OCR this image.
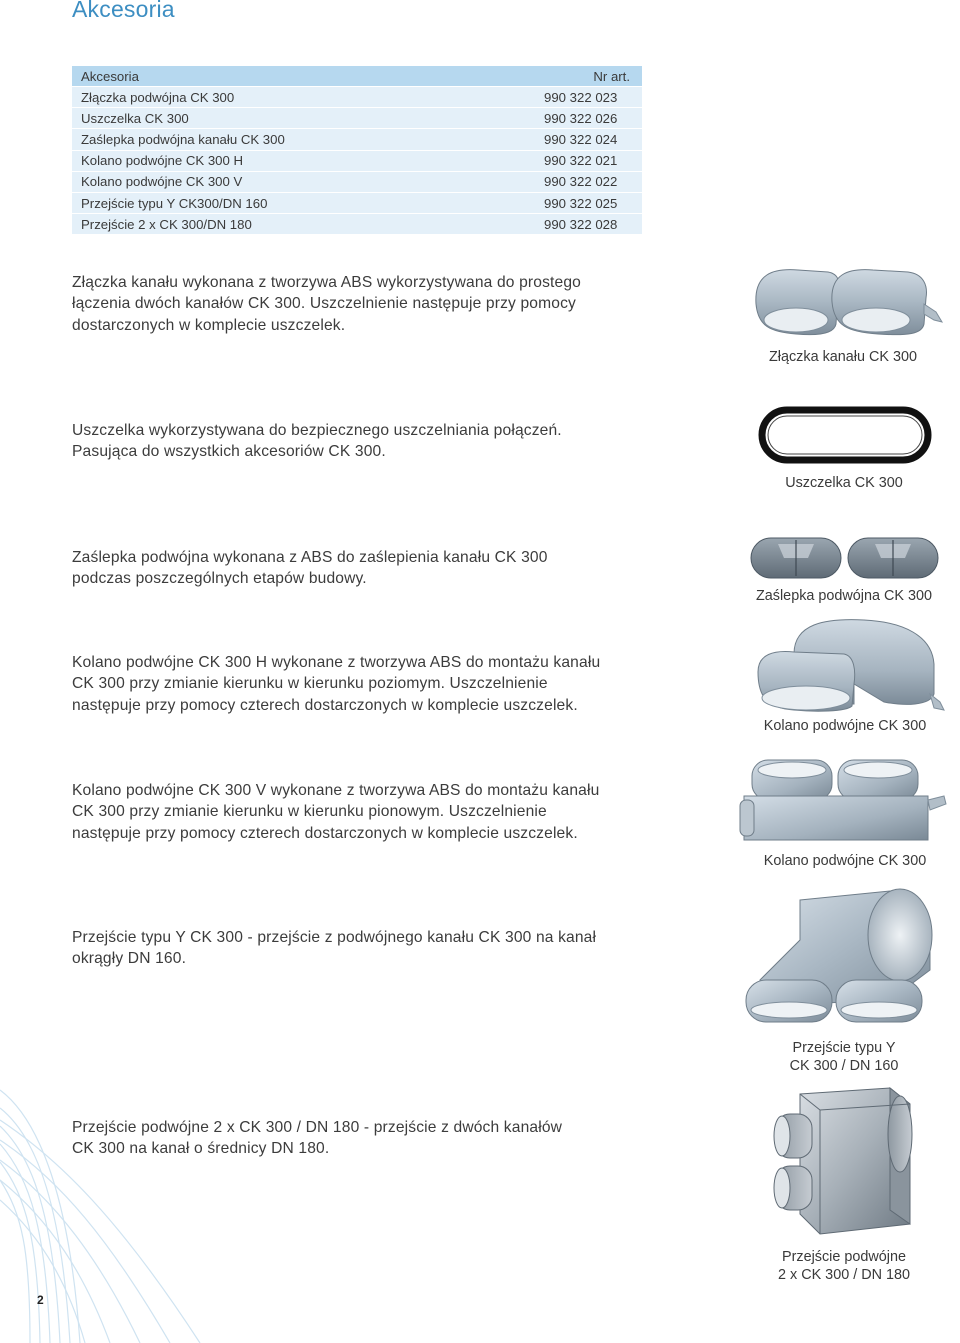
Akcesoria
Akcesoria	Nr art.
Złączka podwójna CK 300	990 322 023
Uszczelka CK 300	990 322 026
Zaślepka podwójna kanału CK 300	990 322 024
Kolano podwójne CK 300 H	990 322 021
Kolano podwójne CK 300 V	990 322 022
Przejście typu Y CK300/DN 160	990 322 025
Przejście 2 x CK 300/DN 180	990 322 028
Złączka kanału wykonana z tworzywa ABS wykorzystywana do prostego
łączenia dwóch kanałów CK 300. Uszczelnienie następuje przy pomocy
dostarczonych w komplecie uszczelek.
Złączka kanału CK 300
Uszczelka wykorzystywana do bezpiecznego uszczelniania połączeń.
Pasująca do wszystkich akcesoriów CK 300.
Uszczelka CK 300
Zaślepka podwójna wykonana z ABS do zaślepienia kanału CK 300
podczas poszczególnych etapów budowy.
Zaślepka podwójna CK 300
Kolano podwójne CK 300 H wykonane z tworzywa ABS do montażu kanału
CK 300 przy zmianie kierunku w kierunku poziomym. Uszczelnienie
następuje przy pomocy czterech dostarczonych w komplecie uszczelek.
Kolano podwójne CK 300
Kolano podwójne CK 300 V wykonane z tworzywa ABS do montażu kanału
CK 300 przy zmianie kierunku w kierunku pionowym. Uszczelnienie
następuje przy pomocy czterech dostarczonych w komplecie uszczelek.
Kolano podwójne CK 300
Przejście typu Y CK 300 - przejście z podwójnego kanału CK 300 na kanał
okrągły DN 160.
Przejście typu Y
CK 300 / DN 160
Przejście podwójne 2 x CK 300 / DN 180 - przejście z dwóch kanałów
CK 300 na kanał o średnicy DN 180.
Przejście podwójne
2 x CK 300 / DN 180
2
